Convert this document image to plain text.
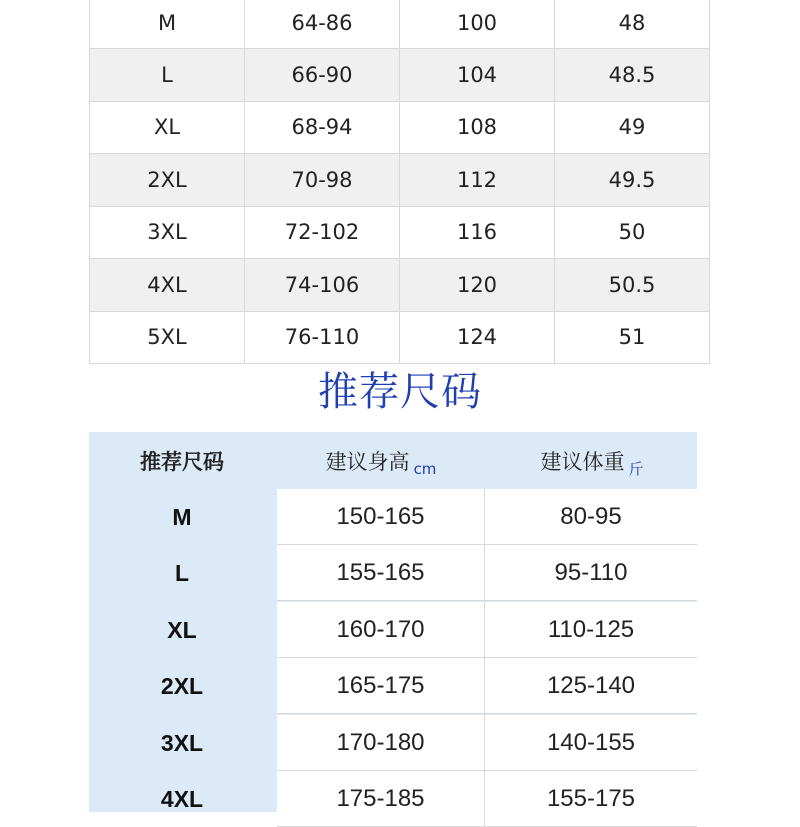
M	64-86	100	48
L	66-90	104	48.5
XL	68-94	108	49
2XL	70-98	112	49.5
3XL	72-102	116	50
4XL	74-106	120	50.5
5XL	76-110	124	51
推荐尺码
推荐尺码	建议身高 cm	建议体重 斤
M	150-165	80-95
L	155-165	95-110
XL	160-170	110-125
2XL	165-175	125-140
3XL	170-180	140-155
4XL	175-185	155-175
